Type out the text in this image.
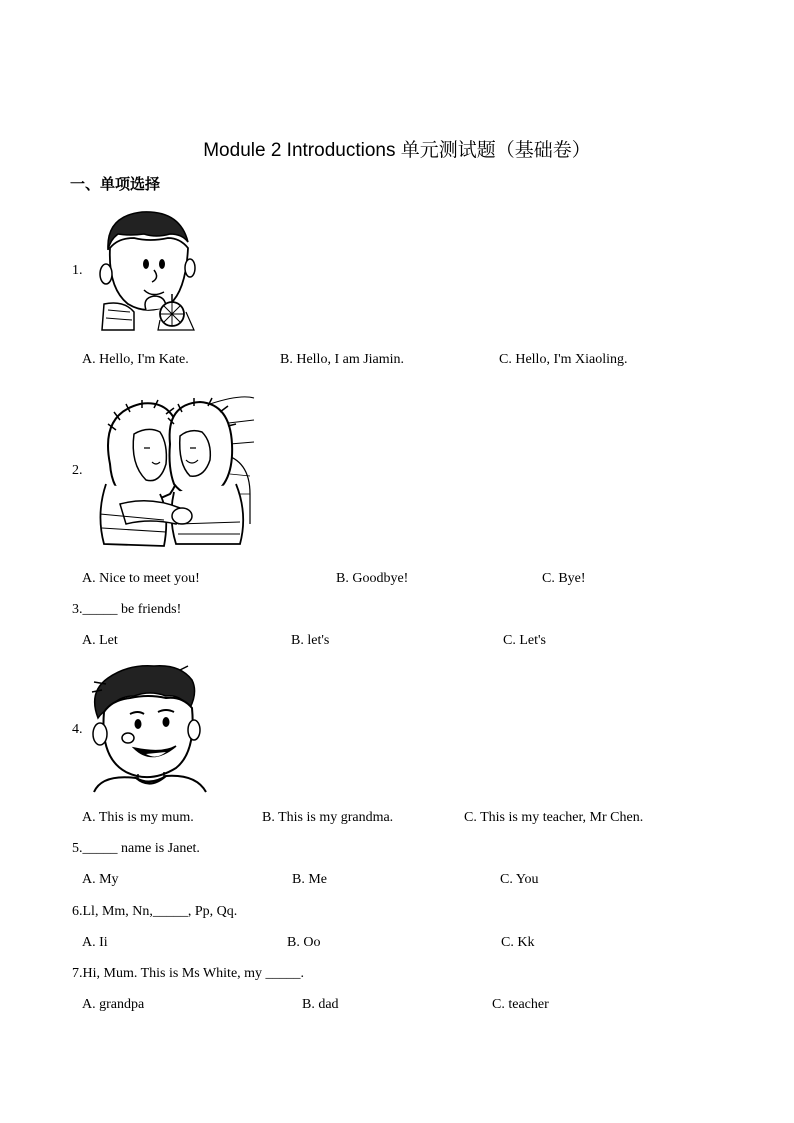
Module 2 Introductions 单元测试题（基础卷）
一、单项选择
1.
A. Hello, I'm Kate.	B. Hello, I am Jiamin.	C. Hello, I'm Xiaoling.
2.
A. Nice to meet you!	B. Goodbye!	C. Bye!
3._____ be friends!
A. Let	B. let's	C. Let's
4.
A. This is my mum.	B. This is my grandma.	C. This is my teacher, Mr Chen.
5._____ name is Janet.
A. My	B. Me	C. You
6.Ll, Mm, Nn,_____, Pp, Qq.
A. Ii	B. Oo	C. Kk
7.Hi, Mum. This is Ms White, my _____.
A. grandpa	B. dad	C. teacher
